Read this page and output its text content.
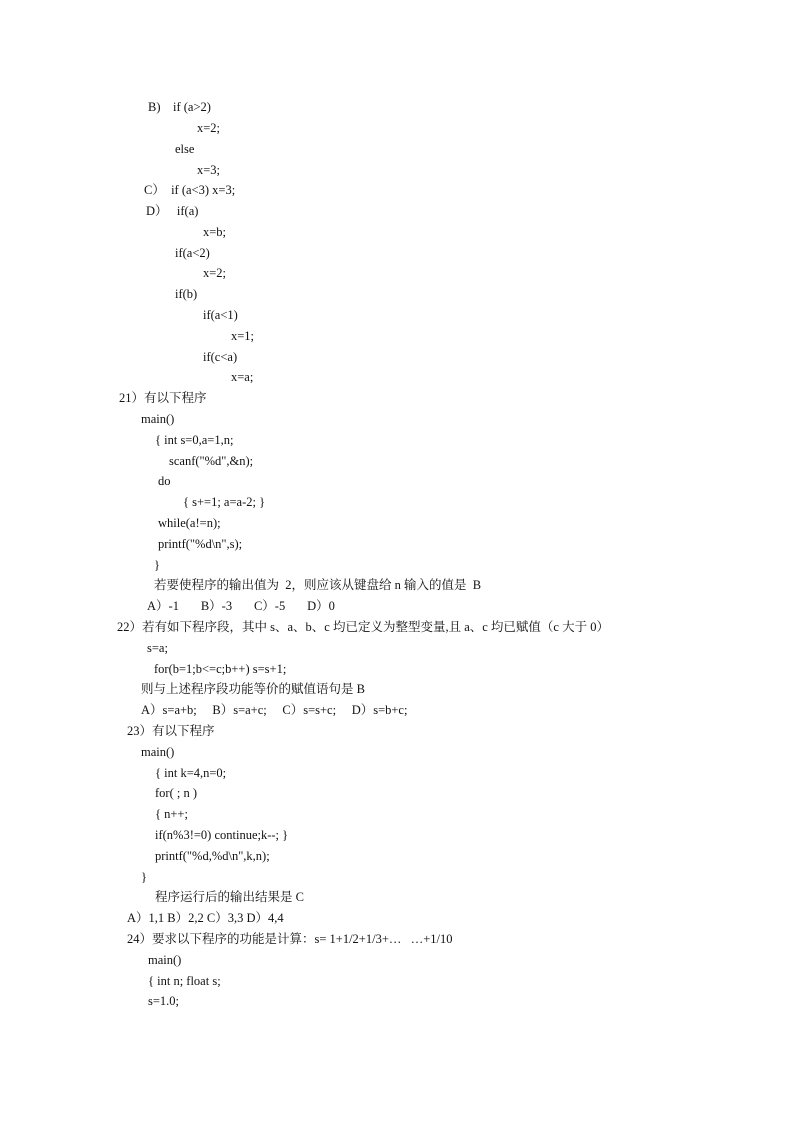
B)    if (a>2)
x=2;
else
x=3;
C）  if (a<3) x=3;
D）   if(a)
x=b;
if(a<2)
x=2;
if(b)
if(a<1)
x=1;
if(c<a)
x=a;
21）有以下程序
main()
{ int s=0,a=1,n;
scanf("%d",&n);
do
{ s+=1; a=a-2; }
while(a!=n);
printf("%d\n",s);
}
若要使程序的输出值为  2，则应该从键盘给 n 输入的值是  B
A）-1       B）-3       C）-5       D）0
22）若有如下程序段，其中 s、a、b、c 均已定义为整型变量,且 a、c 均已赋值（c 大于 0）
s=a;
for(b=1;b<=c;b++) s=s+1;
则与上述程序段功能等价的赋值语句是 B
A）s=a+b;     B）s=a+c;     C）s=s+c;     D）s=b+c;
23）有以下程序
main()
{ int k=4,n=0;
for( ; n )
{ n++;
if(n%3!=0) continue;k--; }
printf("%d,%d\n",k,n);
}
程序运行后的输出结果是 C
A）1,1 B）2,2 C）3,3 D）4,4
24）要求以下程序的功能是计算：s= 1+1/2+1/3+…   …+1/10
main()
{ int n; float s;
s=1.0;
